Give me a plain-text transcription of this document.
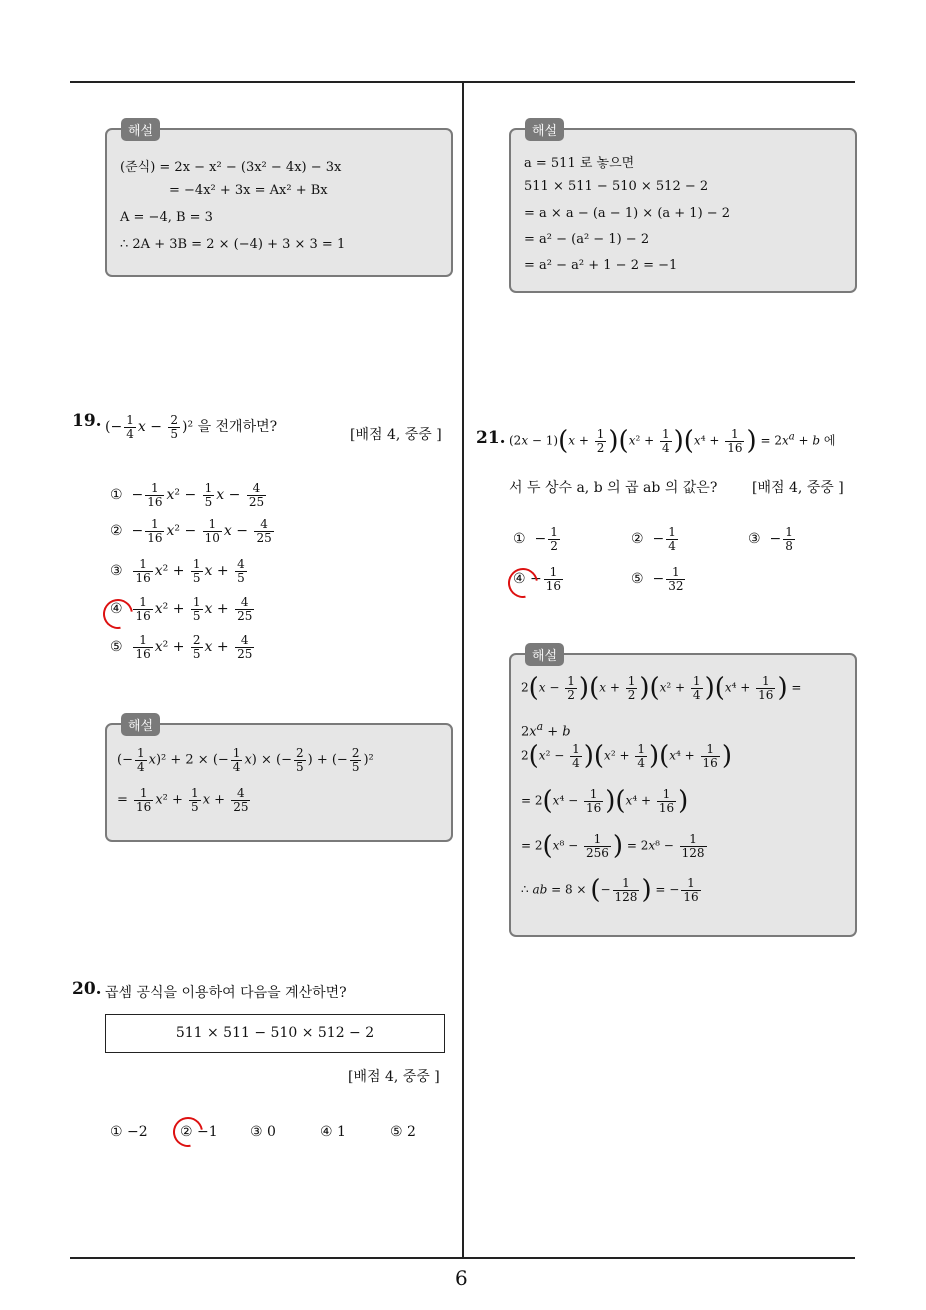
6
해설
(준식) = 2x − x² − (3x² − 4x) − 3x
= −4x² + 3x = Ax² + Bx
A = −4, B = 3
∴ 2A + 3B = 2 × (−4) + 3 × 3 = 1
해설
a = 511 로 놓으면
511 × 511 − 510 × 512 − 2
= a × a − (a − 1) × (a + 1) − 2
= a² − (a² − 1) − 2
= a² − a² + 1 − 2 = −1
19. (− $\frac{1}{4}$ $x - \frac{2}{5} )^2$ 을 전개하면?	[배점 4, 중중 ]
①  − $\frac{1}{16} x^2 - \frac{1}{5}$ $x - \frac{4}{25}$
②  − $\frac{1}{16} x^2 - \frac{1}{10}$ $x - \frac{4}{25}$
③ $\frac{1}{16} x^2 + \frac{1}{5}$ $x + \frac{4}{5}$
④ $\frac{1}{16} x^2 + \frac{1}{5}$ $x + \frac{4}{25}$
⑤ $\frac{1}{16} x^2 + \frac{2}{5}$ $x + \frac{4}{25}$
해설
(− $\frac{1}{4} x)^2 + 2$ × (− $\frac{1}{4} x$) × (− $\frac{2}{5}$ ) + (− $\frac{2}{5} )^2$
= $\frac{1}{16} x^2 + \frac{1}{5}$ $x + \frac{4}{25}$
20. 곱셈 공식을 이용하여 다음을 계산하면?
511 × 511 − 510 × 512 − 2
[배점 4, 중중 ]
① −2 ② −1 ③ 0	④ 1	⑤ 2
21. $(2x - 1)(x + \frac{1}{2} )(x^2 + \frac{1}{4} )(x^4 + \frac{1}{16}$ ) = $2x^a + b$ 에
서 두 상수 a, b 의 곱 ab 의 값은? [배점 4, 중중 ]
①  − $\frac{1}{2}$	②  − $\frac{1}{4}$	③  − $\frac{1}{8}$
④ − $\frac{1}{16}$	⑤  − $\frac{1}{32}$
해설
$2(x - \frac{1}{2} )(x + \frac{1}{2} )(x^2 + \frac{1}{4} )(x^4 + \frac{1}{16}$ ) =
$2x^a + b$
$2(x^2 - \frac{1}{4} )(x^2 + \frac{1}{4} )(x^4 + \frac{1}{16}$ )
= $2(x^4 - \frac{1}{16} )(x^4 + \frac{1}{16}$ )
= $2(x^8 - \frac{1}{256}$ ) = $2x^8 - \frac{1}{128}$
∴ ab = 8 × (− $\frac{1}{128}$ ) = − $\frac{1}{16}$
